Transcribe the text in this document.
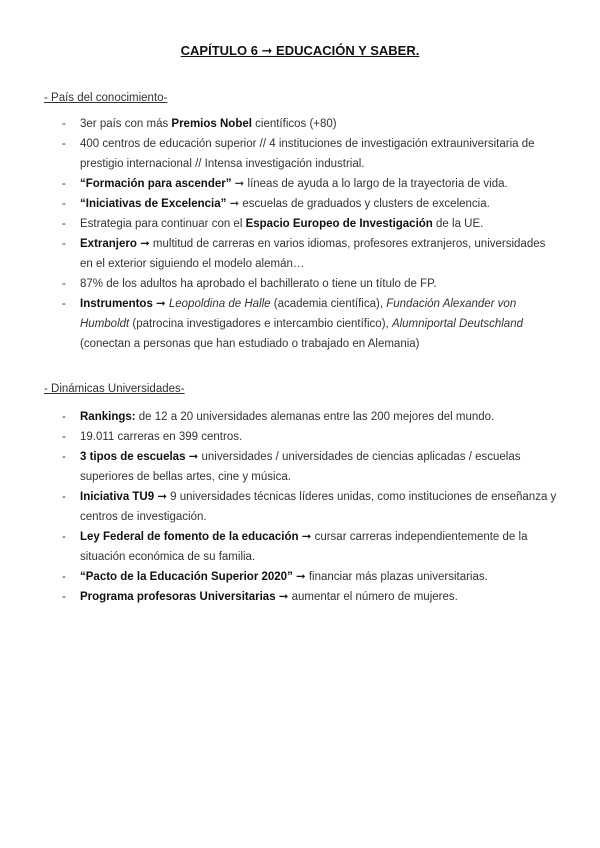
CAPÍTULO 6 ➞ EDUCACIÓN Y SABER.
- País del conocimiento-
- 3er país con más Premios Nobel científicos (+80)
- 400 centros de educación superior // 4 instituciones de investigación extrauniversitaria de prestigio internacional // Intensa investigación industrial.
- “Formación para ascender” ➞ líneas de ayuda a lo largo de la trayectoria de vida.
- “Iniciativas de Excelencia” ➞ escuelas de graduados y clusters de excelencia.
- Estrategia para continuar con el Espacio Europeo de Investigación de la UE.
- Extranjero ➞ multitud de carreras en varios idiomas, profesores extranjeros, universidades en el exterior siguiendo el modelo alemán…
- 87% de los adultos ha aprobado el bachillerato o tiene un título de FP.
- Instrumentos ➞ Leopoldina de Halle (academia científica), Fundación Alexander von Humboldt (patrocina investigadores e intercambio científico), Alumniportal Deutschland (conectan a personas que han estudiado o trabajado en Alemania)
- Dinámicas Universidades-
- Rankings: de 12 a 20 universidades alemanas entre las 200 mejores del mundo.
- 19.011 carreras en 399 centros.
- 3 tipos de escuelas ➞ universidades / universidades de ciencias aplicadas / escuelas superiores de bellas artes, cine y música.
- Iniciativa TU9 ➞ 9 universidades técnicas líderes unidas, como instituciones de enseñanza y centros de investigación.
- Ley Federal de fomento de la educación ➞ cursar carreras independientemente de la situación económica de su familia.
- “Pacto de la Educación Superior 2020” ➞ financiar más plazas universitarias.
- Programa profesoras Universitarias ➞ aumentar el número de mujeres.
